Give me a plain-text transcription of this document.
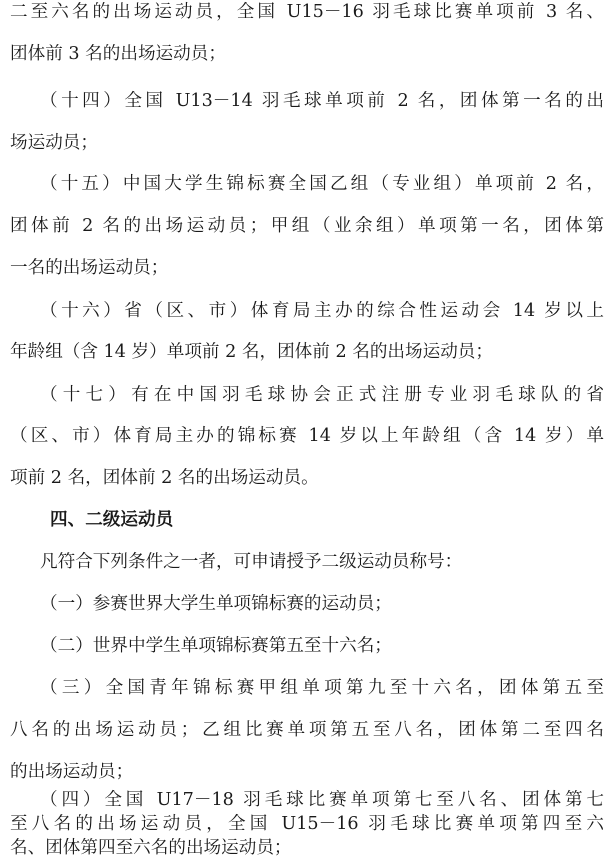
二至六名的出场运动员，全国 U15－16 羽毛球比赛单项前 3 名、
团体前 3 名的出场运动员；
（十四）全国 U13－14 羽毛球单项前 2 名，团体第一名的出
场运动员；
（十五）中国大学生锦标赛全国乙组（专业组）单项前 2 名，
团体前 2 名的出场运动员；甲组（业余组）单项第一名，团体第
一名的出场运动员；
（十六）省（区、市）体育局主办的综合性运动会 14 岁以上
年龄组（含 14 岁）单项前 2 名，团体前 2 名的出场运动员；
（十七）有在中国羽毛球协会正式注册专业羽毛球队的省
（区、市）体育局主办的锦标赛 14 岁以上年龄组（含 14 岁）单
项前 2 名，团体前 2 名的出场运动员。
四、二级运动员
凡符合下列条件之一者，可申请授予二级运动员称号：
（一）参赛世界大学生单项锦标赛的运动员；
（二）世界中学生单项锦标赛第五至十六名；
（三）全国青年锦标赛甲组单项第九至十六名，团体第五至
八名的出场运动员；乙组比赛单项第五至八名，团体第二至四名
的出场运动员；
（四）全国 U17－18 羽毛球比赛单项第七至八名、团体第七
至八名的出场运动员，全国 U15－16 羽毛球比赛单项第四至六
名、团体第四至六名的出场运动员；
